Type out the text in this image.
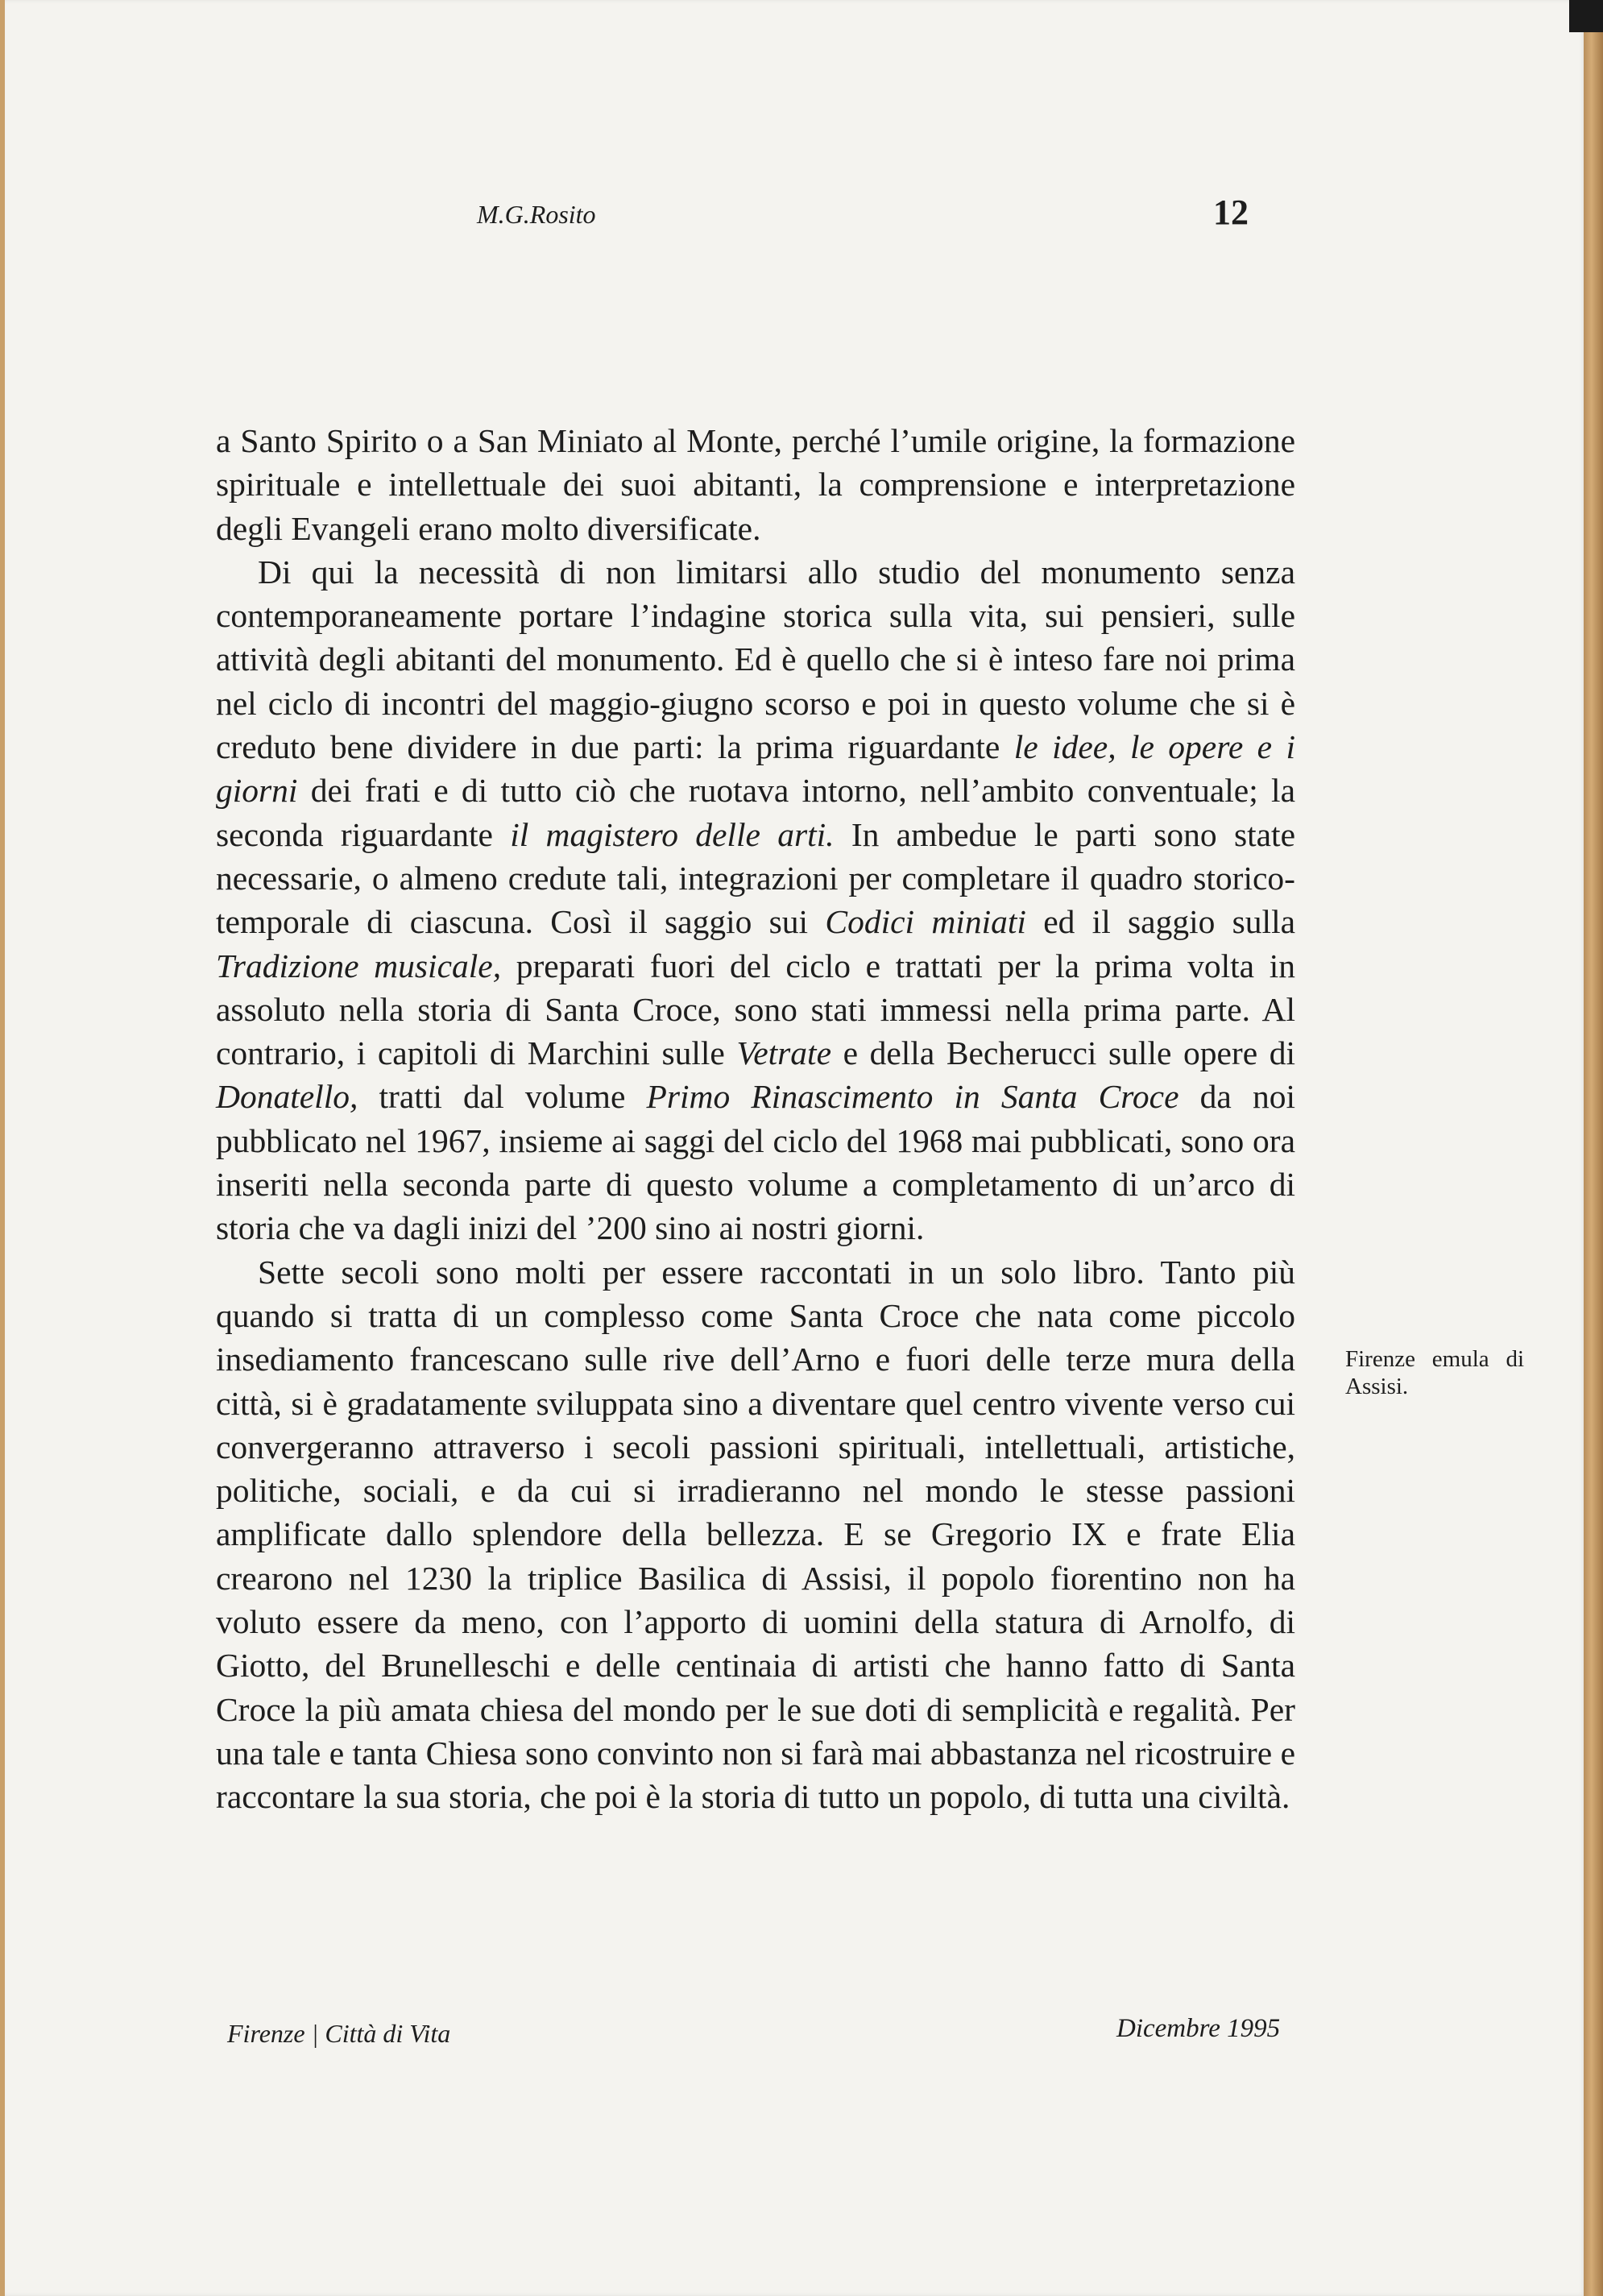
M.G.Rosito	12

a Santo Spirito o a San Miniato al Monte, perché l’umile origine, la formazione spirituale e intellettuale dei suoi abitanti, la comprensione e interpretazione degli Evangeli erano molto diversificate.

Di qui la necessità di non limitarsi allo studio del monumento senza contemporaneamente portare l’indagine storica sulla vita, sui pensieri, sulle attività degli abitanti del monumento. Ed è quello che si è inteso fare noi prima nel ciclo di incontri del maggio-giugno scorso e poi in questo volume che si è creduto bene dividere in due parti: la prima riguardante le idee, le opere e i giorni dei frati e di tutto ciò che ruotava intorno, nell’ambito conventuale; la seconda riguardante il magistero delle arti. In ambedue le parti sono state necessarie, o almeno credute tali, integrazioni per completare il quadro storico-temporale di ciascuna. Così il saggio sui Codici miniati ed il saggio sulla Tradizione musicale, preparati fuori del ciclo e trattati per la prima volta in assoluto nella storia di Santa Croce, sono stati immessi nella prima parte. Al contrario, i capitoli di Marchini sulle Vetrate e della Becherucci sulle opere di Donatello, tratti dal volume Primo Rinascimento in Santa Croce da noi pubblicato nel 1967, insieme ai saggi del ciclo del 1968 mai pubblicati, sono ora inseriti nella seconda parte di questo volume a completamento di un’arco di storia che va dagli inizi del ’200 sino ai nostri giorni.

Sette secoli sono molti per essere raccontati in un solo libro. Tanto più quando si tratta di un complesso come Santa Croce che nata come piccolo insediamento francescano sulle rive dell’Arno e fuori delle terze mura della città, si è gradatamente sviluppata sino a diventare quel centro vivente verso cui convergeranno attraverso i secoli passioni spirituali, intellettuali, artistiche, politiche, sociali, e da cui si irradieranno nel mondo le stesse passioni amplificate dallo splendore della bellezza. E se Gregorio IX e frate Elia crearono nel 1230 la triplice Basilica di Assisi, il popolo fiorentino non ha voluto essere da meno, con l’apporto di uomini della statura di Arnolfo, di Giotto, del Brunelleschi e delle centinaia di artisti che hanno fatto di Santa Croce la più amata chiesa del mondo per le sue doti di semplicità e regalità. Per una tale e tanta Chiesa sono convinto non si farà mai abbastanza nel ricostruire e raccontare la sua storia, che poi è la storia di tutto un popolo, di tutta una civiltà.

Firenze emula di
Assisi.
Firenze | Città di Vita	Dicembre 1995
